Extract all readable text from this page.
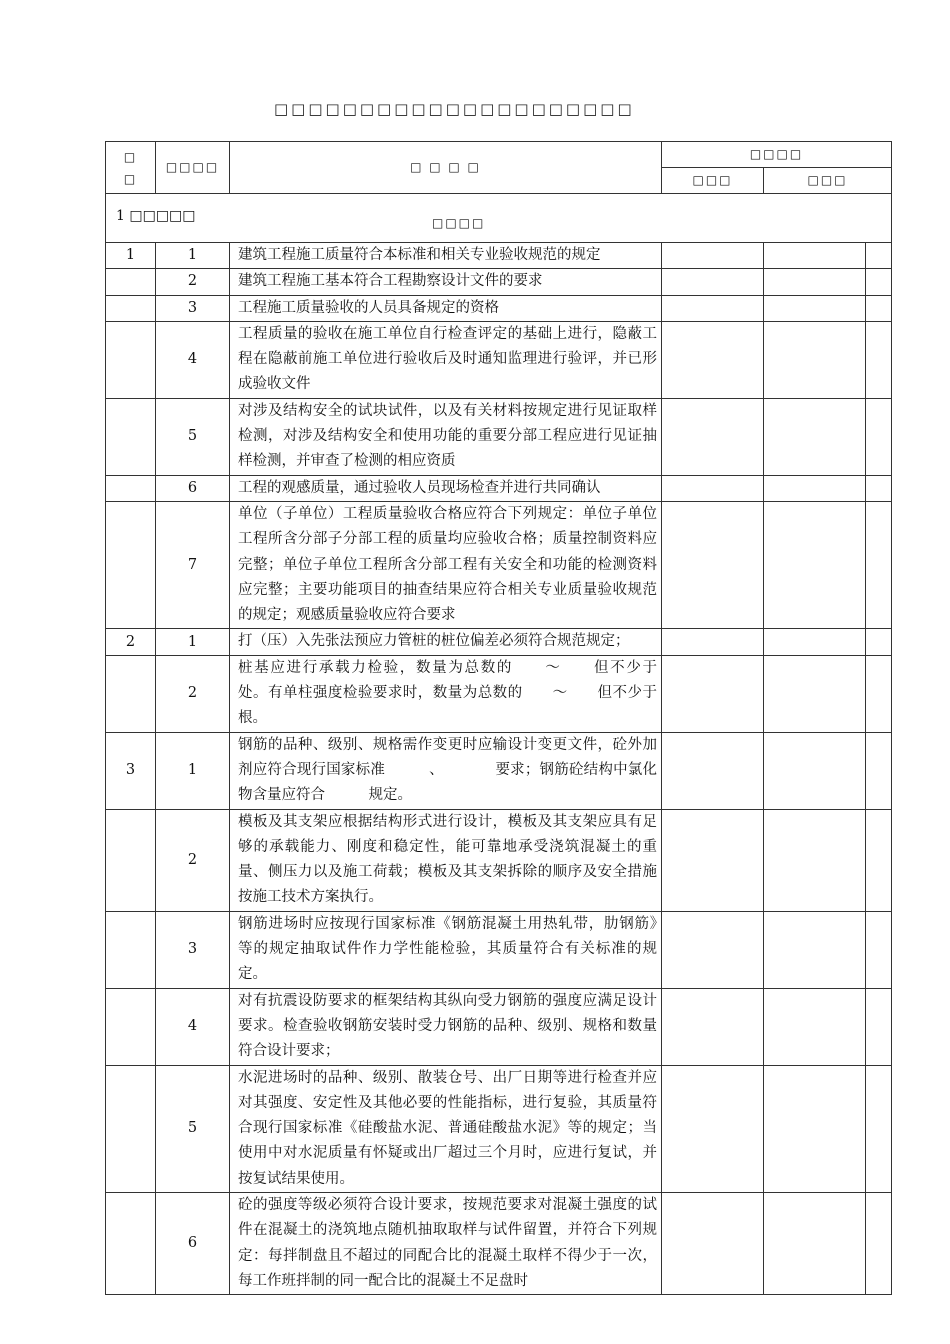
□□□□□□□□□□□□□□□□□□□□□
□
□	□□□□	□ □ □ □	□□□□		
			□□□	□□□	

1 □□□□□ □□□□					

1	1	建筑工程施工质量符合本标准和相关专业验收规范的规定			
	2	建筑工程施工基本符合工程勘察设计文件的要求			
	3	工程施工质量验收的人员具备规定的资格			
	4	工程质量的验收在施工单位自行检查评定的基础上进行，隐蔽工程在隐蔽前施工单位进行验收后及时通知监理进行验评，并已形成验收文件			
	5	对涉及结构安全的试块试件，以及有关材料按规定进行见证取样检测，对涉及结构安全和使用功能的重要分部工程应进行见证抽样检测，并审查了检测的相应资质			
	6	工程的观感质量，通过验收人员现场检查并进行共同确认			
	7	单位（子单位）工程质量验收合格应符合下列规定：单位子单位工程所含分部子分部工程的质量均应验收合格；质量控制资料应完整；单位子单位工程所含分部工程有关安全和功能的检测资料应完整；主要功能项目的抽查结果应符合相关专业质量验收规范的规定；观感质量验收应符合要求			
2	1	打（压）入先张法预应力管桩的桩位偏差必须符合规范规定；			
	2	桩基应进行承载力检验，数量为总数的　　～　　但不少于　处。有单柱强度检验要求时，数量为总数的　　～　　但不少于　根。			
3	1	钢筋的品种、级别、规格需作变更时应输设计变更文件，砼外加剂应符合现行国家标准　　　、　　　　要求；钢筋砼结构中氯化物含量应符合　　　规定。			
	2	模板及其支架应根据结构形式进行设计，模板及其支架应具有足够的承载能力、刚度和稳定性，能可靠地承受浇筑混凝土的重量、侧压力以及施工荷载；模板及其支架拆除的顺序及安全措施按施工技术方案执行。			
	3	钢筋进场时应按现行国家标准《钢筋混凝土用热轧带，肋钢筋》　　　等的规定抽取试件作力学性能检验，其质量符合有关标准的规定。			
	4	对有抗震设防要求的框架结构其纵向受力钢筋的强度应满足设计要求。检查验收钢筋安装时受力钢筋的品种、级别、规格和数量符合设计要求；			
	5	水泥进场时的品种、级别、散装仓号、出厂日期等进行检查并应对其强度、安定性及其他必要的性能指标，进行复验，其质量符合现行国家标准《硅酸盐水泥、普通硅酸盐水泥》等的规定；当使用中对水泥质量有怀疑或出厂超过三个月时，应进行复试，并按复试结果使用。			
	6	砼的强度等级必须符合设计要求，按规范要求对混凝土强度的试件在混凝土的浇筑地点随机抽取取样与试件留置，并符合下列规定：每拌制盘且不超过的同配合比的混凝土取样不得少于一次，每工作班拌制的同一配合比的混凝土不足盘时			
